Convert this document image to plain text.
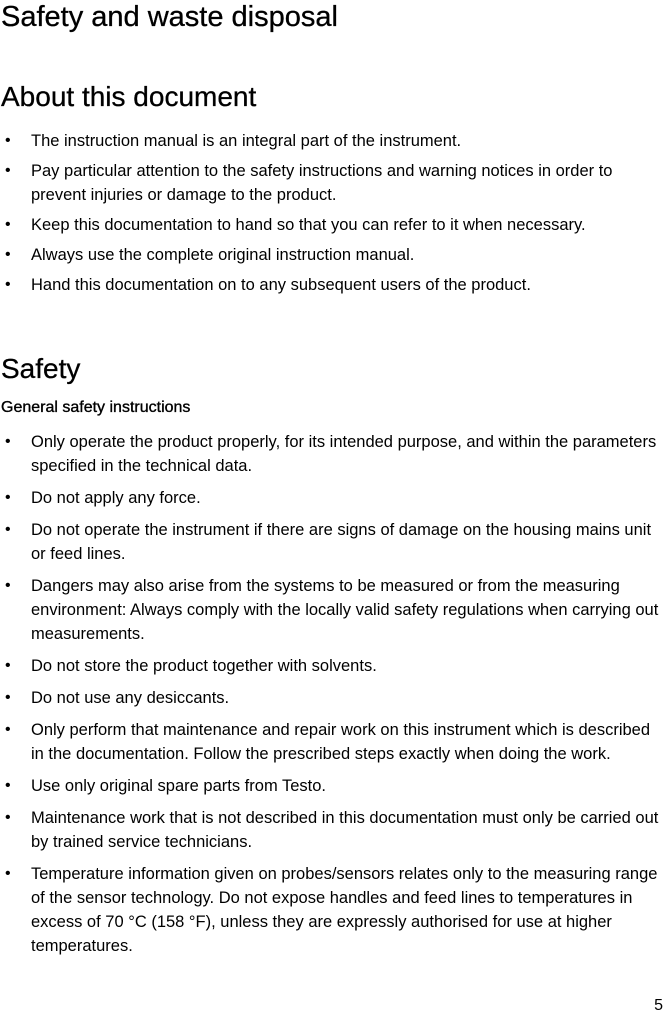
Safety and waste disposal
About this document
• The instruction manual is an integral part of the instrument.
• Pay particular attention to the safety instructions and warning notices in order to prevent injuries or damage to the product.
• Keep this documentation to hand so that you can refer to it when necessary.
• Always use the complete original instruction manual.
• Hand this documentation on to any subsequent users of the product.
Safety
General safety instructions
• Only operate the product properly, for its intended purpose, and within the parameters specified in the technical data.
• Do not apply any force.
• Do not operate the instrument if there are signs of damage on the housing mains unit or feed lines.
• Dangers may also arise from the systems to be measured or from the measuring environment: Always comply with the locally valid safety regulations when carrying out measurements.
• Do not store the product together with solvents.
• Do not use any desiccants.
• Only perform that maintenance and repair work on this instrument which is described in the documentation. Follow the prescribed steps exactly when doing the work.
• Use only original spare parts from Testo.
• Maintenance work that is not described in this documentation must only be carried out by trained service technicians.
• Temperature information given on probes/sensors relates only to the measuring range of the sensor technology. Do not expose handles and feed lines to temperatures in excess of 70 °C (158 °F), unless they are expressly authorised for use at higher temperatures.
5
